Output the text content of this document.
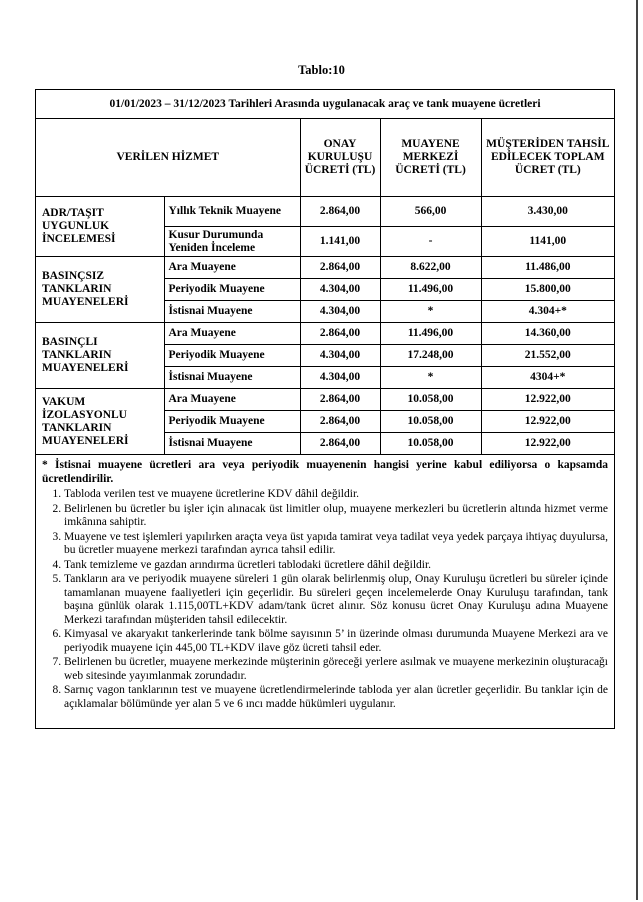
Tablo:10
01/01/2023 – 31/12/2023 Tarihleri Arasında uygulanacak araç ve tank muayene ücretleri				
VERİLEN HİZMET		ONAY KURULUŞU ÜCRETİ (TL)	MUAYENE MERKEZİ ÜCRETİ (TL)	MÜŞTERİDEN TAHSİL EDİLECEK TOPLAM ÜCRET (TL)
ADR/TAŞIT UYGUNLUK İNCELEMESİ	Yıllık Teknik Muayene	2.864,00	566,00	3.430,00
	Kusur Durumunda Yeniden İnceleme	1.141,00	-	1141,00
BASINÇSIZ TANKLARIN MUAYENELERİ	Ara Muayene	2.864,00	8.622,00	11.486,00
	Periyodik Muayene	4.304,00	11.496,00	15.800,00
	İstisnai Muayene	4.304,00	*	4.304+*
BASINÇLI TANKLARIN MUAYENELERİ	Ara Muayene	2.864,00	11.496,00	14.360,00
	Periyodik Muayene	4.304,00	17.248,00	21.552,00
	İstisnai Muayene	4.304,00	*	4304+*
VAKUM İZOLASYONLU TANKLARIN MUAYENELERİ	Ara Muayene	2.864,00	10.058,00	12.922,00
	Periyodik Muayene	2.864,00	10.058,00	12.922,00
	İstisnai Muayene	2.864,00	10.058,00	12.922,00
* İstisnai muayene ücretleri ara veya periyodik muayenenin hangisi yerine kabul ediliyorsa o kapsamda ücretlendirilir.
1. Tabloda verilen test ve muayene ücretlerine KDV dâhil değildir.
2. Belirlenen bu ücretler bu işler için alınacak üst limitler olup, muayene merkezleri bu ücretlerin altında hizmet verme imkânına sahiptir.
3. Muayene ve test işlemleri yapılırken araçta veya üst yapıda tamirat veya tadilat veya yedek parçaya ihtiyaç duyulursa, bu ücretler muayene merkezi tarafından ayrıca tahsil edilir.
4. Tank temizleme ve gazdan arındırma ücretleri tablodaki ücretlere dâhil değildir.
5. Tankların ara ve periyodik muayene süreleri 1 gün olarak belirlenmiş olup, Onay Kuruluşu ücretleri bu süreler içinde tamamlanan muayene faaliyetleri için geçerlidir. Bu süreleri geçen incelemelerde Onay Kuruluşu tarafından, tank başına günlük olarak 1.115,00TL+KDV adam/tank ücret alınır. Söz konusu ücret Onay Kuruluşu adına Muayene Merkezi tarafından müşteriden tahsil edilecektir.
6. Kimyasal ve akaryakıt tankerlerinde tank bölme sayısının 5’ in üzerinde olması durumunda Muayene Merkezi ara ve periyodik muayene için 445,00 TL+KDV ilave göz ücreti tahsil eder.
7. Belirlenen bu ücretler, muayene merkezinde müşterinin göreceği yerlere asılmak ve muayene merkezinin oluşturacağı web sitesinde yayımlanmak zorundadır.
8. Sarnıç vagon tanklarının test ve muayene ücretlendirmelerinde tabloda yer alan ücretler geçerlidir. Bu tanklar için de açıklamalar bölümünde yer alan 5 ve 6 ıncı madde hükümleri uygulanır.
